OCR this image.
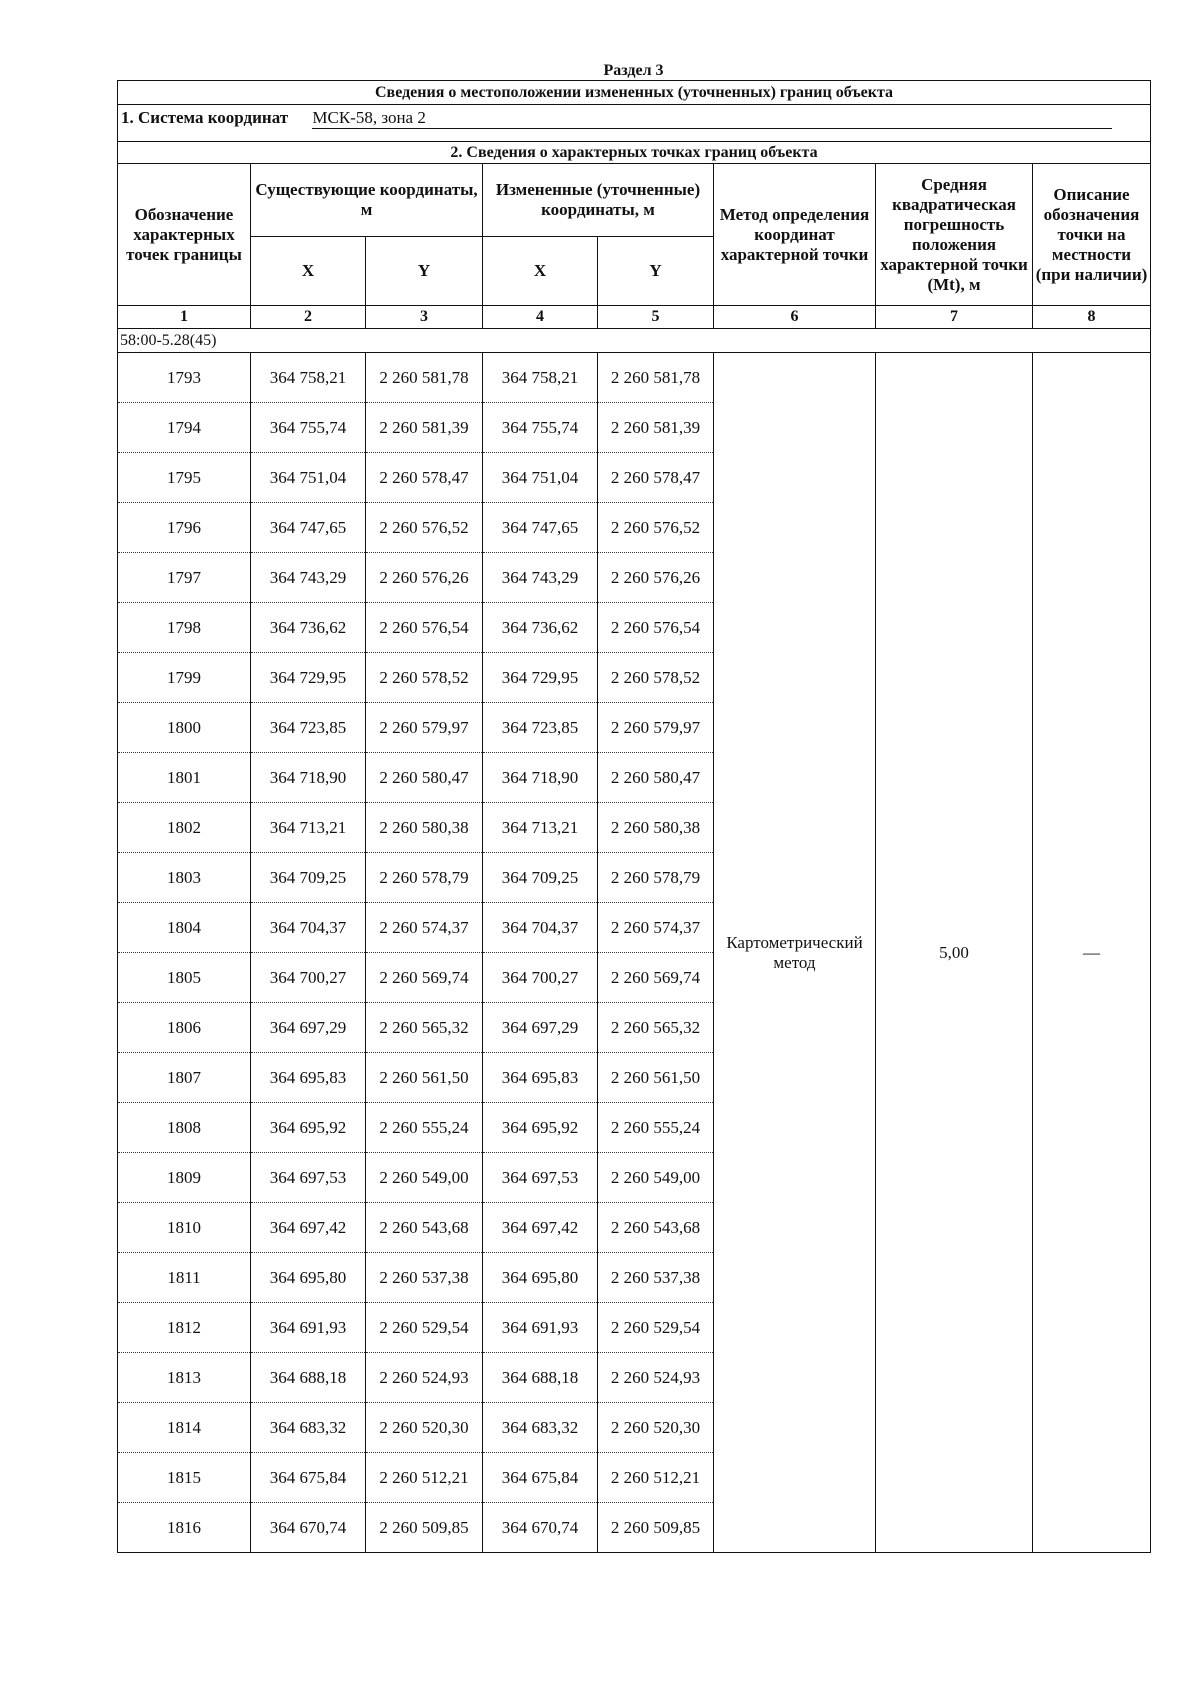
Раздел 3
Сведения о местоположении измененных (уточненных) границ объекта							
1. Система координат МСК-58, зона 2							

2. Сведения о характерных точках границ объекта							
Обозначение характерных точек границы	Существующие координаты, м		Измененные (уточненные) координаты, м		Метод определения координат характерной точки	Средняя квадратическая погрешность положения характерной точки (Mt), м	Описание обозначения точки на местности (при наличии)
	X	Y	X	Y			
1	2	3	4	5	6	7	8
58:00-5.28(45)							
1793	364 758,21	2 260 581,78	364 758,21	2 260 581,78	Картометрический метод	5,00	—
1794	364 755,74	2 260 581,39	364 755,74	2 260 581,39			
1795	364 751,04	2 260 578,47	364 751,04	2 260 578,47			
1796	364 747,65	2 260 576,52	364 747,65	2 260 576,52			
1797	364 743,29	2 260 576,26	364 743,29	2 260 576,26			
1798	364 736,62	2 260 576,54	364 736,62	2 260 576,54			
1799	364 729,95	2 260 578,52	364 729,95	2 260 578,52			
1800	364 723,85	2 260 579,97	364 723,85	2 260 579,97			
1801	364 718,90	2 260 580,47	364 718,90	2 260 580,47			
1802	364 713,21	2 260 580,38	364 713,21	2 260 580,38			
1803	364 709,25	2 260 578,79	364 709,25	2 260 578,79			
1804	364 704,37	2 260 574,37	364 704,37	2 260 574,37			
1805	364 700,27	2 260 569,74	364 700,27	2 260 569,74			
1806	364 697,29	2 260 565,32	364 697,29	2 260 565,32			
1807	364 695,83	2 260 561,50	364 695,83	2 260 561,50			
1808	364 695,92	2 260 555,24	364 695,92	2 260 555,24			
1809	364 697,53	2 260 549,00	364 697,53	2 260 549,00			
1810	364 697,42	2 260 543,68	364 697,42	2 260 543,68			
1811	364 695,80	2 260 537,38	364 695,80	2 260 537,38			
1812	364 691,93	2 260 529,54	364 691,93	2 260 529,54			
1813	364 688,18	2 260 524,93	364 688,18	2 260 524,93			
1814	364 683,32	2 260 520,30	364 683,32	2 260 520,30			
1815	364 675,84	2 260 512,21	364 675,84	2 260 512,21			
1816	364 670,74	2 260 509,85	364 670,74	2 260 509,85			
